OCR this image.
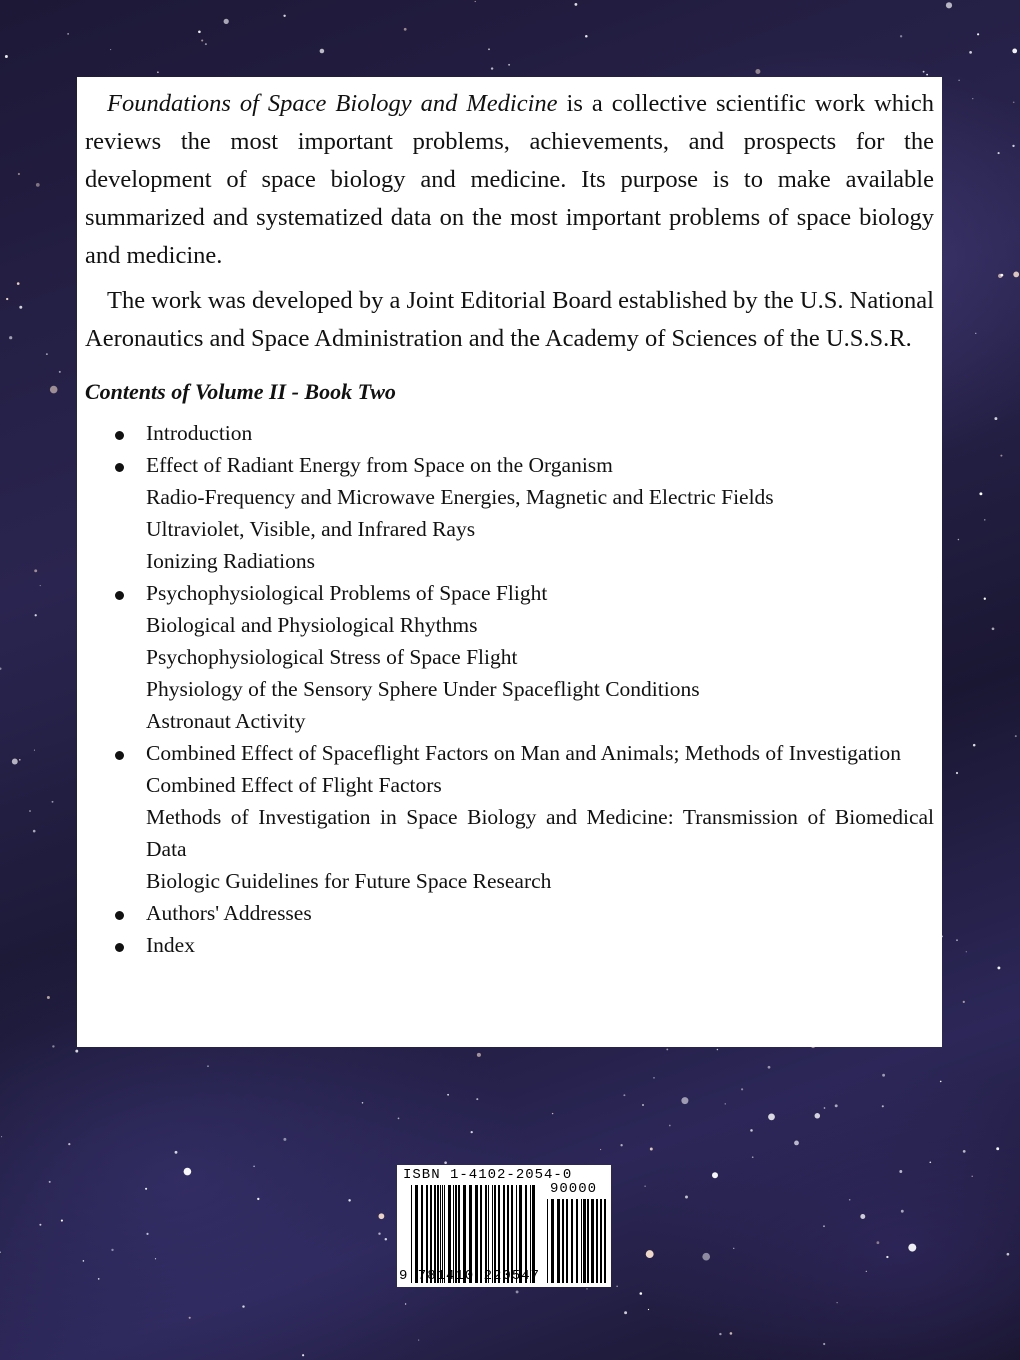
Foundations of Space Biology and Medicine is a collective scientific work which reviews the most important problems, achievements, and prospects for the development of space biology and medicine. Its purpose is to make available summarized and systematized data on the most important problems of space biology and medicine.

The work was developed by a Joint Editorial Board established by the U.S. National Aeronautics and Space Administration and the Academy of Sciences of the U.S.S.R.

Contents of Volume II - Book Two
Introduction
Effect of Radiant Energy from Space on the Organism
Radio-Frequency and Microwave Energies, Magnetic and Electric Fields
Ultraviolet, Visible, and Infrared Rays
Ionizing Radiations
Psychophysiological Problems of Space Flight
Biological and Physiological Rhythms
Psychophysiological Stress of Space Flight
Physiology of the Sensory Sphere Under Spaceflight Conditions
Astronaut Activity
Combined Effect of Spaceflight Factors on Man and Animals; Methods of Investigation
Combined Effect of Flight Factors
Methods of Investigation in Space Biology and Medicine: Transmission of Biomedical Data
Biologic Guidelines for Future Space Research
Authors' Addresses
Index
ISBN 1-4102-2054-0
90000
9 781410 220547
